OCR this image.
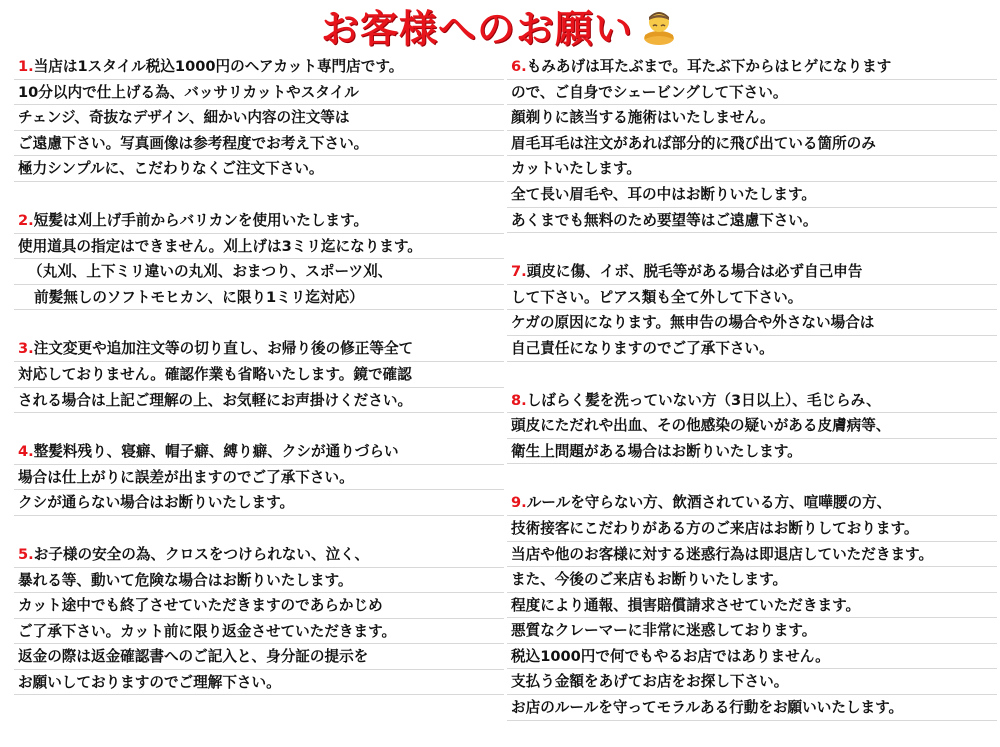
お客様へのお願い
1.当店は1スタイル税込1000円のヘアカット専門店です。
10分以内で仕上げる為、バッサリカットやスタイル
チェンジ、奇抜なデザイン、細かい内容の注文等は
ご遠慮下さい。写真画像は参考程度でお考え下さい。
極力シンプルに、こだわりなくご注文下さい。
2.短髪は刈上げ手前からバリカンを使用いたします。
使用道具の指定はできません。刈上げは3ミリ迄になります。
（丸刈、上下ミリ違いの丸刈、おまつり、スポーツ刈、
前髪無しのソフトモヒカン、に限り1ミリ迄対応）
3.注文変更や追加注文等の切り直し、お帰り後の修正等全て
対応しておりません。確認作業も省略いたします。鏡で確認
される場合は上記ご理解の上、お気軽にお声掛けください。
4.整髪料残り、寝癖、帽子癖、縛り癖、クシが通りづらい
場合は仕上がりに誤差が出ますのでご了承下さい。
クシが通らない場合はお断りいたします。
5.お子様の安全の為、クロスをつけられない、泣く、
暴れる等、動いて危険な場合はお断りいたします。
カット途中でも終了させていただきますのであらかじめ
ご了承下さい。カット前に限り返金させていただきます。
返金の際は返金確認書へのご記入と、身分証の提示を
お願いしておりますのでご理解下さい。
6.もみあげは耳たぶまで。耳たぶ下からはヒゲになります
ので、ご自身でシェービングして下さい。
顔剃りに該当する施術はいたしません。
眉毛耳毛は注文があれば部分的に飛び出ている箇所のみ
カットいたします。
全て長い眉毛や、耳の中はお断りいたします。
あくまでも無料のため要望等はご遠慮下さい。
7.頭皮に傷、イボ、脱毛等がある場合は必ず自己申告
して下さい。ピアス類も全て外して下さい。
ケガの原因になります。無申告の場合や外さない場合は
自己責任になりますのでご了承下さい。
8.しばらく髪を洗っていない方（3日以上）、毛じらみ、
頭皮にただれや出血、その他感染の疑いがある皮膚病等、
衛生上問題がある場合はお断りいたします。
9.ルールを守らない方、飲酒されている方、喧嘩腰の方、
技術接客にこだわりがある方のご来店はお断りしております。
当店や他のお客様に対する迷惑行為は即退店していただきます。
また、今後のご来店もお断りいたします。
程度により通報、損害賠償請求させていただきます。
悪質なクレーマーに非常に迷惑しております。
税込1000円で何でもやるお店ではありません。
支払う金額をあげてお店をお探し下さい。
お店のルールを守ってモラルある行動をお願いいたします。
